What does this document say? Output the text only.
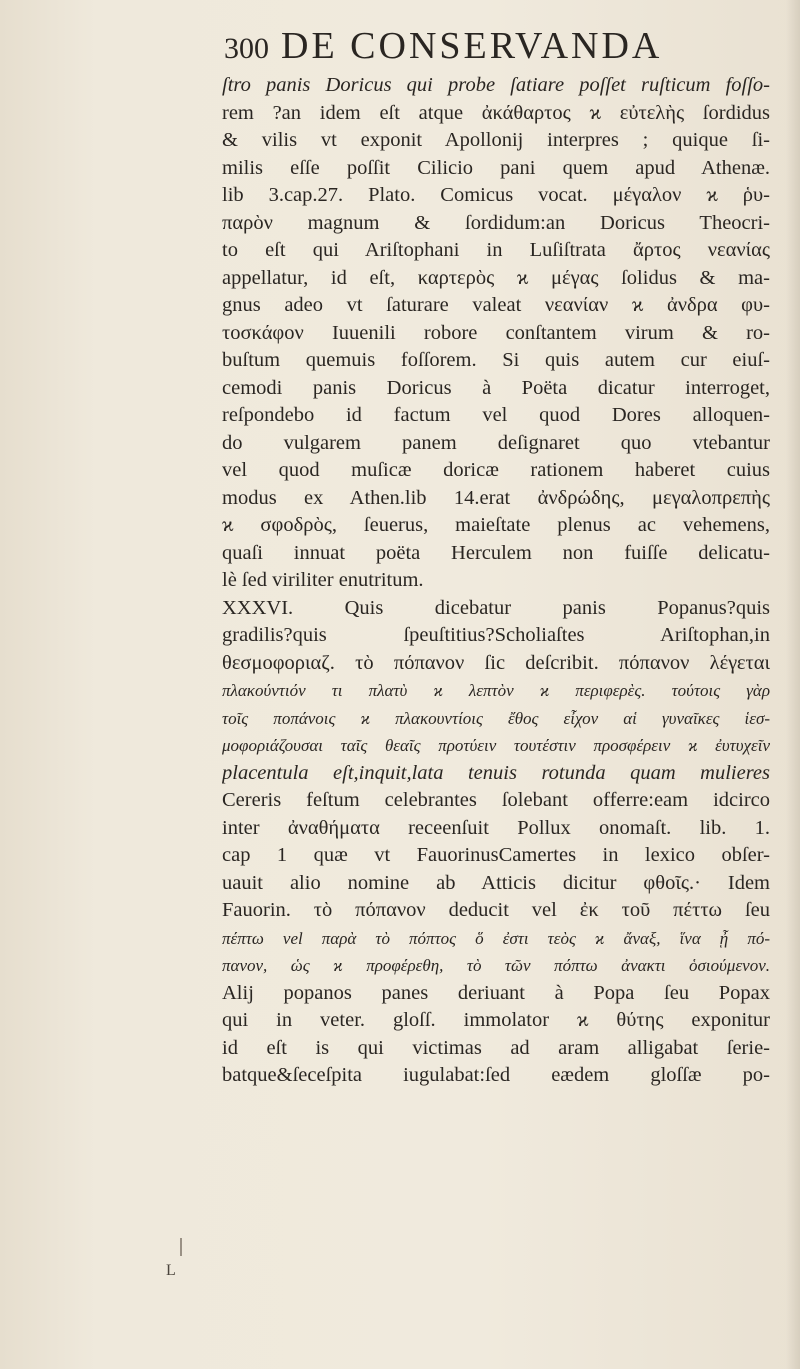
300 DE CONSERVANDA
ſtro panis Doricus qui probe ſatiare poſſet ruſticum foſſo-
rem ?an idem eſt atque ἀκάθαρτος ϰ εὐτελὴς ſordidus
& vilis vt exponit Apollonij interpres ; quique ſi-
milis eſſe poſſit Cilicio pani quem apud Athenæ.
lib 3.cap.27. Plato. Comicus vocat. μέγαλον ϰ ῥυ-
παρὸν magnum & ſordidum:an Doricus Theocri-
to eſt qui Ariſtophani in Luſiſtrata ἄρτος νεανίας
appellatur, id eſt, καρτερὸς ϰ μέγας ſolidus & ma-
gnus adeo vt ſaturare valeat νεανίαν ϰ ἀνδρα φυ-
τοσκάφον Iuuenili robore conſtantem virum & ro-
buſtum quemuis foſſorem. Si quis autem cur eiuſ-
cemodi panis Doricus à Poëta dicatur interroget,
reſpondebo id factum vel quod Dores alloquen-
do vulgarem panem deſignaret quo vtebantur
vel quod muſicæ doricæ rationem haberet cuius
modus ex Athen.lib 14.erat ἀνδρώδης, μεγαλοπρεπὴς
ϰ σφοδρὸς, ſeuerus, maieſtate plenus ac vehemens,
quaſi innuat poëta Herculem non fuiſſe delicatu-
lè ſed viriliter enutritum.
XXXVI. Quis dicebatur panis Popanus?quis
gradilis?quis ſpeuſtitius?Scholiaſtes Ariſtophan,in
θεσμοφοριαζ. τὸ πόπανον ſic deſcribit. πόπανον λέγεται
πλακούντιόν τι πλατὺ ϰ λεπτὸν ϰ περιφερὲς. τούτοις γὰρ
τοῖς ποπάνοις ϰ πλακουντίοις ἔθος εἶχον αἱ γυναῖκες ἱεσ-
μοφοριάζουσαι ταῖς θεαῖς πρoτύειν τουτέστιν προσφέρειν ϰ ἐυτυχεῖν
placentula eſt,inquit,lata tenuis rotunda quam mulieres
Cereris feſtum celebrantes ſolebant offerre:eam idcirco
inter ἀναθήματα receenſuit Pollux onomaſt. lib. 1.
cap 1 quæ vt FauorinusCamertes in lexico obſer-
uauit alio nomine ab Atticis dicitur φθοῖς.· Idem
Fauorin. τὸ πόπανον deducit vel ἐκ τοῦ πέττω ſeu
πέπτω vel παρὰ τὸ πόπτος ὅ ἐστι τεὸς ϰ ἄναξ, ἵνα ᾖ πό-
πανον, ὡς ϰ πρoφέρεθη, τὸ τῶν πόπτω ἀνακτι ὁσιούμενον.
Alij popanos panes deriuant à Popa ſeu Popax
qui in veter. gloſſ. immolator ϰ θύτης exponitur
id eſt is qui victimas ad aram alligabat ſerie-
batque&ſeceſpita iugulabat:ſed eædem gloſſæ po-
L
